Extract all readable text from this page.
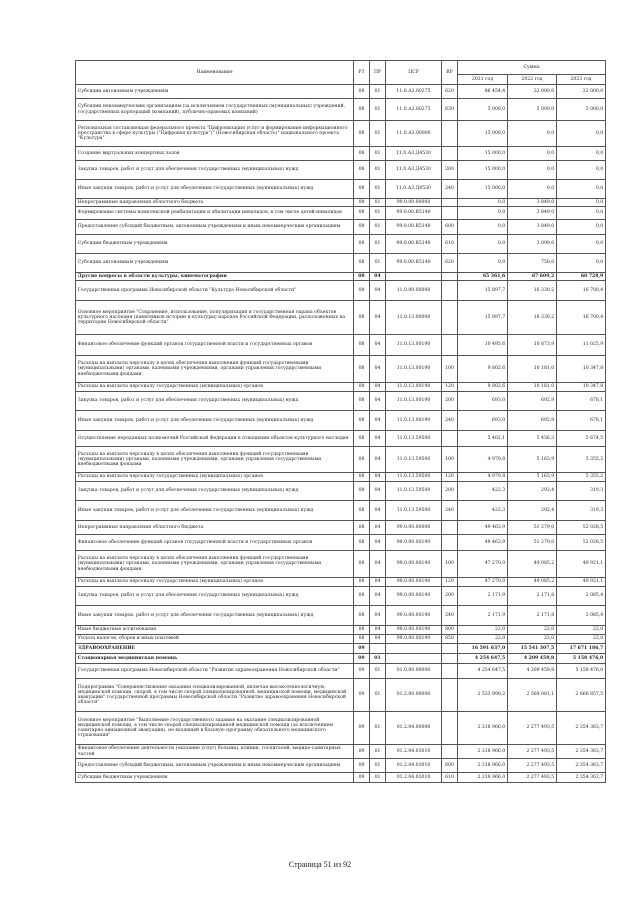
Наименование	РЗ	ПР	ЦСР	ВР	Сумма		
					2021 год	2022 год	2023 год
Субсидии автономным учреждениям	08	01	11.0.А2.60275	620	86 454,4	32 000,0	32 000,0
Субсидии некоммерческим организациям (за исключением государственных (муниципальных) учреждений, государственных корпораций (компаний), публично-правовых компаний)	08	01	11.0.А2.60275	630	5 000,0	5 000,0	5 000,0
Региональная составляющая федерального проекта "Цифровизация услуг и формирование информационного пространства в сфере культуры ("Цифровая культура")" (Новосибирская область)" национального проекта "Культура"	08	01	11.0.А3.00000		15 000,0	0,0	0,0
Создание виртуальных концертных залов	08	01	11.0.А3.Д4530		15 000,0	0,0	0,0
Закупка товаров, работ и услуг для обеспечения государственных (муниципальных) нужд	08	01	11.0.А3.Д4530	200	15 000,0	0,0	0,0
Иные закупки товаров, работ и услуг для обеспечения государственных (муниципальных) нужд	08	01	11.0.А3.Д4530	240	15 000,0	0,0	0,0
Непрограммные направления областного бюджета	08	01	99.0.00.00000		0,0	3 849,0	0,0
Формирование системы комплексной реабилитации и абилитации инвалидов, в том числе детей-инвалидов	08	01	99.0.00.R5140		0,0	3 849,0	0,0
Предоставление субсидий бюджетным, автономным учреждениям и иным некоммерческим организациям	08	01	99.0.00.R5140	600	0,0	3 849,0	0,0
Субсидии бюджетным учреждениям	08	01	99.0.00.R5140	610	0,0	3 099,0	0,0
Субсидии автономным учреждениям	08	01	99.0.00.R5140	620	0,0	750,0	0,0
Другие вопросы в области культуры, кинематографии	08	04			65 361,6	67 609,2	68 728,9
Государственная программа Новосибирской области "Культура Новосибирской области"	08	04	11.0.00.00000		15 897,7	16 330,2	16 700,4
Основное мероприятие "Сохранение, использование, популяризация и государственная охрана объектов культурного наследия (памятников истории и культуры) народов Российской Федерации, расположенных на территории Новосибирской области"	08	04	11.0.13.00000		15 897,7	16 330,2	16 700,4
Финансовое обеспечение функций органов государственной власти и государственных органов	08	04	11.0.13.00190		10 495,6	10 873,9	11 025,9
Расходы на выплаты персоналу в целях обеспечения выполнения функций государственными (муниципальными) органами, казенными учреждениями, органами управления государственными внебюджетными фондами	08	04	11.0.13.00190	100	9 802,6	10 181,0	10 347,8
Расходы на выплаты персоналу государственных (муниципальных) органов	08	04	11.0.13.00190	120	9 802,6	10 181,0	10 347,8
Закупка товаров, работ и услуг для обеспечения государственных (муниципальных) нужд	08	04	11.0.13.00190	200	693,0	692,9	678,1
Иные закупки товаров, работ и услуг для обеспечения государственных (муниципальных) нужд	08	04	11.0.13.00190	240	693,0	692,9	678,1
Осуществление переданных полномочий Российской Федерации в отношении объектов культурного наследия	08	04	11.0.13.59500		5 402,1	5 456,3	5 674,5
Расходы на выплаты персоналу в целях обеспечения выполнения функций государственными (муниципальными) органами, казенными учреждениями, органами управления государственными внебюджетными фондами	08	04	11.0.13.59500	100	4 979,8	5 163,9	5 355,2
Расходы на выплаты персоналу государственных (муниципальных) органов	08	04	11.0.13.59500	120	4 979,8	5 163,9	5 355,2
Закупка товаров, работ и услуг для обеспечения государственных (муниципальных) нужд	08	04	11.0.13.59500	200	422,3	292,4	319,3
Иные закупки товаров, работ и услуг для обеспечения государственных (муниципальных) нужд	08	04	11.0.13.59500	240	422,3	292,4	319,3
Непрограммные направления областного бюджета	08	04	99.0.00.00000		49 463,9	51 279,0	52 028,5
Финансовое обеспечение функций органов государственной власти и государственных органов	08	04	99.0.00.00190		49 463,9	51 279,0	52 028,5
Расходы на выплаты персоналу в целях обеспечения выполнения функций государственными (муниципальными) органами, казенными учреждениями, органами управления государственными внебюджетными фондами	08	04	99.0.00.00190	100	47 270,0	49 085,2	49 921,1
Расходы на выплаты персоналу государственных (муниципальных) органов	08	04	99.0.00.00190	120	47 270,0	49 085,2	49 921,1
Закупка товаров, работ и услуг для обеспечения государственных (муниципальных) нужд	08	04	99.0.00.00190	200	2 171,9	2 171,8	2 085,4
Иные закупки товаров, работ и услуг для обеспечения государственных (муниципальных) нужд	08	04	99.0.00.00190	240	2 171,9	2 171,8	2 085,4
Иные бюджетные ассигнования	08	04	99.0.00.00190	800	22,0	22,0	22,0
Уплата налогов, сборов и иных платежей	08	04	99.0.00.00190	850	22,0	22,0	22,0
ЗДРАВООХРАНЕНИЕ	09				16 591 637,0	15 541 307,5	17 671 186,7
Стационарная медицинская помощь	09	01			4 254 647,5	4 209 459,8	5 158 476,0
Государственная программа Новосибирской области "Развитие здравоохранения Новосибирской области"	09	01	01.0.00.00000		4 254 647,5	4 209 459,8	5 158 476,0
Подпрограмма "Совершенствование оказания специализированной, включая высокотехнологичную, медицинской помощи, скорой, в том числе скорой специализированной, медицинской помощи, медицинской эвакуации" государственной программы Новосибирской области "Развитие здравоохранения Новосибирской области"	09	01	01.2.00.00000		2 533 990,2	2 569 081,1	2 666 857,5
Основное мероприятие "Выполнение государственного задания на оказание специализированной медицинской помощи, в том числе скорой специализированной медицинской помощи (за исключением санитарно-авиационной эвакуации), не входящей в базовую программу обязательного медицинского страхования"	09	01	01.2.04.00000		2 218 966,0	2 277 493,5	2 354 363,7
Финансовое обеспечение деятельности (оказание услуг) больниц, клиник, госпиталей, медико-санитарных частей	09	01	01.2.04.03010		2 218 966,0	2 277 493,5	2 354 363,7
Предоставление субсидий бюджетным, автономным учреждениям и иным некоммерческим организациям	09	01	01.2.04.03010	600	2 218 966,0	2 277 493,5	2 354 363,7
Субсидии бюджетным учреждениям	09	01	01.2.04.03010	610	2 218 966,0	2 277 493,5	2 354 363,7
Страница 51 из 92
